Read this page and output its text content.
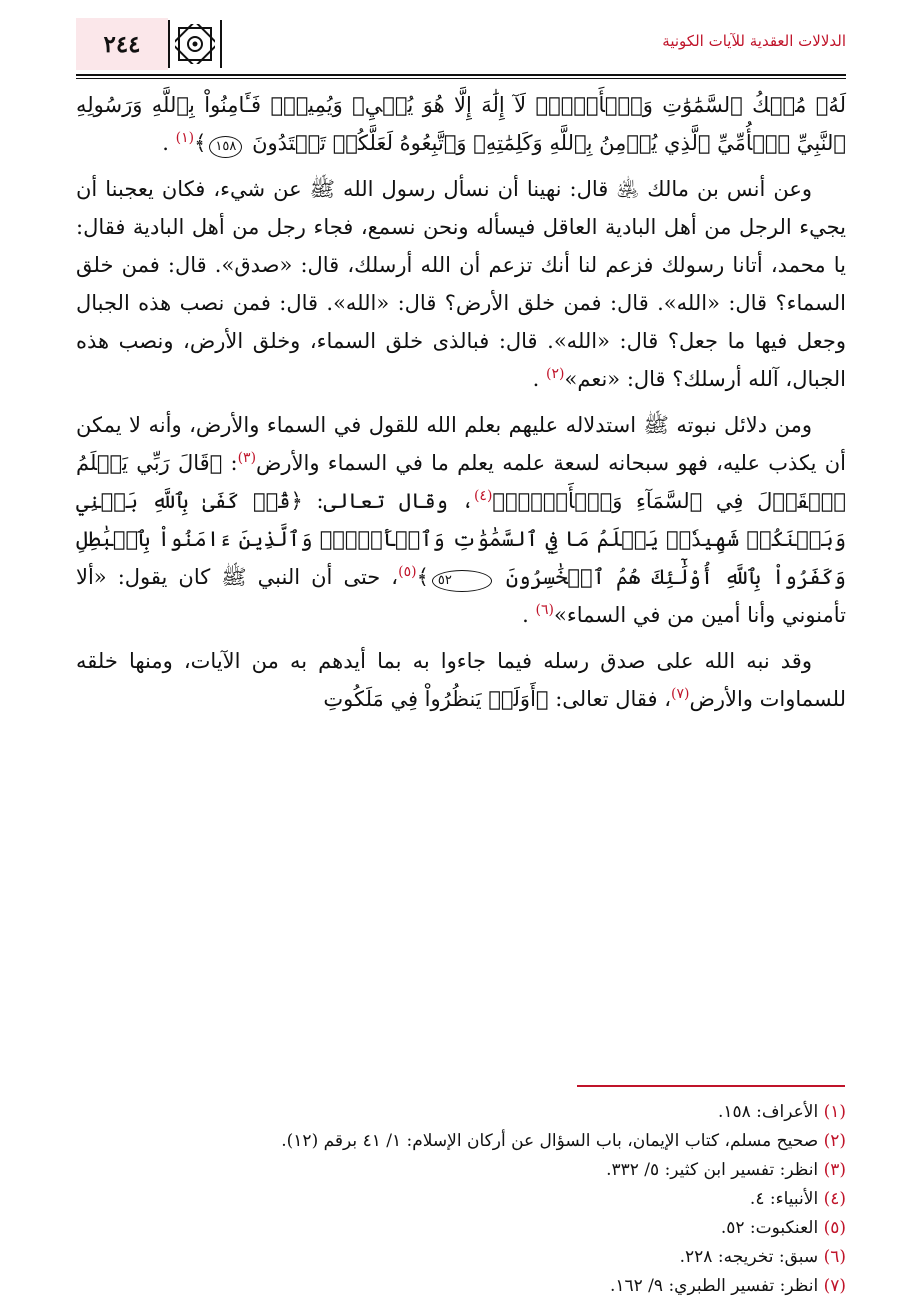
٢٤٤	الدلالات العقدية للآيات الكونية

لَهُۥ مُلۡكُ ٱلسَّمَٰوَٰتِ وَٱلۡأَرۡضِۖ لَآ إِلَٰهَ إِلَّا هُوَ يُحۡيِۦ وَيُمِيتُۖ فَـَٔامِنُواْ بِٱللَّهِ وَرَسُولِهِ ٱلنَّبِيِّ ٱلۡأُمِّيِّ ٱلَّذِي يُؤۡمِنُ بِٱللَّهِ وَكَلِمَٰتِهِۦ وَٱتَّبِعُوهُ لَعَلَّكُمۡ تَهۡتَدُونَ ١٥٨﴾$^{(١)}$ .

وعن أنس بن مالك ﵁ قال: نهينا أن نسأل رسول الله ﷺ عن شيء، فكان يعجبنا أن يجيء الرجل من أهل البادية العاقل فيسأله ونحن نسمع، فجاء رجل من أهل البادية فقال: يا محمد، أتانا رسولك فزعم لنا أنك تزعم أن الله أرسلك، قال: «صدق». قال: فمن خلق السماء؟ قال: «الله». قال: فمن خلق الأرض؟ قال: «الله». قال: فمن نصب هذه الجبال وجعل فيها ما جعل؟ قال: «الله». قال: فبالذى خلق السماء، وخلق الأرض، ونصب هذه الجبال، آلله أرسلك؟ قال: «نعم»$^{(٢)}$ .

ومن دلائل نبوته ﷺ استدلاله عليهم بعلم الله للقول في السماء والأرض، وأنه لا يمكن أن يكذب عليه، فهو سبحانه لسعة علمه يعلم ما في السماء والأرض$^{(٣)}$: ﴿قَالَ رَبِّي يَعۡلَمُ ٱلۡقَوۡلَ فِي ٱلسَّمَآءِ وَٱلۡأَرۡضِۖ﴾$^{(٤)}$، وقال تعالى: ﴿قُلۡ كَفَىٰ بِٱللَّهِ بَيۡنِي وَبَيۡنَكُمۡ شَهِيدٗاۖ يَعۡلَمُ مَا فِي ٱلسَّمَٰوَٰتِ وَٱلۡأَرۡضِۗ وَٱلَّذِينَ ءَامَنُواْ بِٱلۡبَٰطِلِ وَكَفَرُواْ بِٱللَّهِ أُوْلَٰٓئِكَ هُمُ ٱلۡخَٰسِرُونَ ٥٢﴾$^{(٥)}$، حتى أن النبي ﷺ كان يقول: «ألا تأمنوني وأنا أمين من في السماء»$^{(٦)}$ .

وقد نبه الله على صدق رسله فيما جاءوا به بما أيدهم به من الآيات، ومنها خلقه للسماوات والأرض$^{(٧)}$، فقال تعالى: ﴿أَوَلَمۡ يَنظُرُواْ فِي مَلَكُوتِ

(١) الأعراف: ١٥٨.
(٢) صحيح مسلم، كتاب الإيمان، باب السؤال عن أركان الإسلام: ١/ ٤١ برقم (١٢).
(٣) انظر: تفسير ابن كثير: ٥/ ٣٣٢.
(٤) الأنبياء: ٤.
(٥) العنكبوت: ٥٢.
(٦) سبق: تخريجه: ٢٢٨.
(٧) انظر: تفسير الطبري: ٩/ ١٦٢.
